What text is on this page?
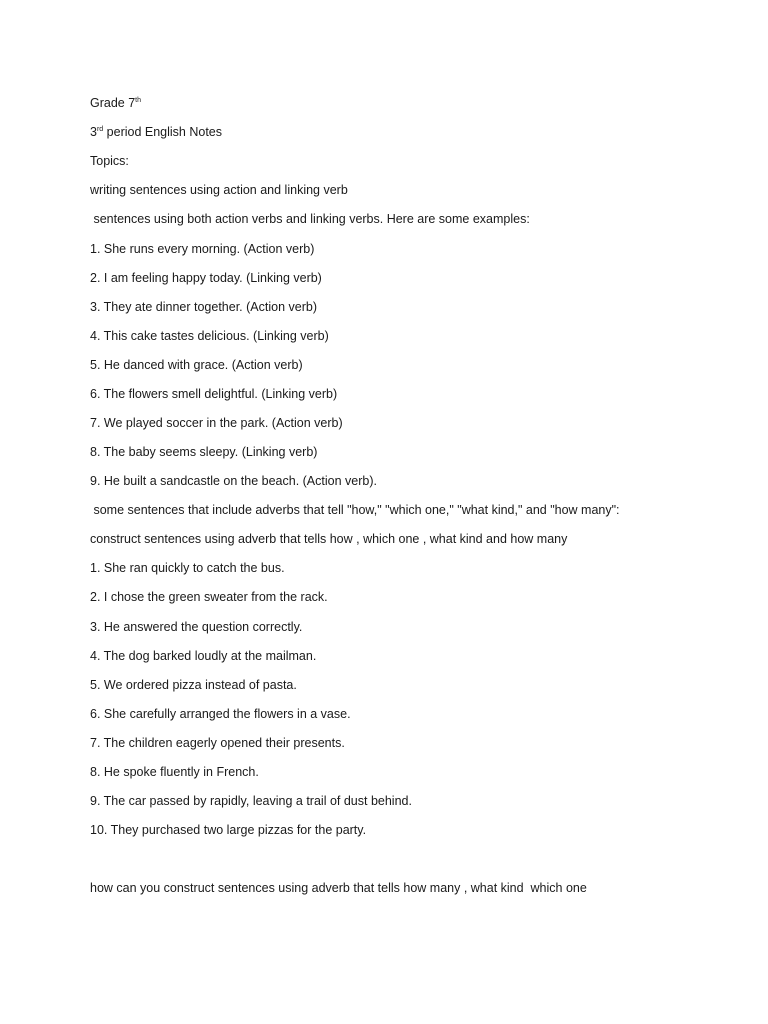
Grade 7th
3rd period English Notes
Topics:
writing sentences using action and linking verb
sentences using both action verbs and linking verbs. Here are some examples:
1. She runs every morning. (Action verb)
2. I am feeling happy today. (Linking verb)
3. They ate dinner together. (Action verb)
4. This cake tastes delicious. (Linking verb)
5. He danced with grace. (Action verb)
6. The flowers smell delightful. (Linking verb)
7. We played soccer in the park. (Action verb)
8. The baby seems sleepy. (Linking verb)
9. He built a sandcastle on the beach. (Action verb).
some sentences that include adverbs that tell "how," "which one," "what kind," and "how many":
construct sentences using adverb that tells how , which one , what kind and how many
1. She ran quickly to catch the bus.
2. I chose the green sweater from the rack.
3. He answered the question correctly.
4. The dog barked loudly at the mailman.
5. We ordered pizza instead of pasta.
6. She carefully arranged the flowers in a vase.
7. The children eagerly opened their presents.
8. He spoke fluently in French.
9. The car passed by rapidly, leaving a trail of dust behind.
10. They purchased two large pizzas for the party.
how can you construct sentences using adverb that tells how many , what kind  which one
